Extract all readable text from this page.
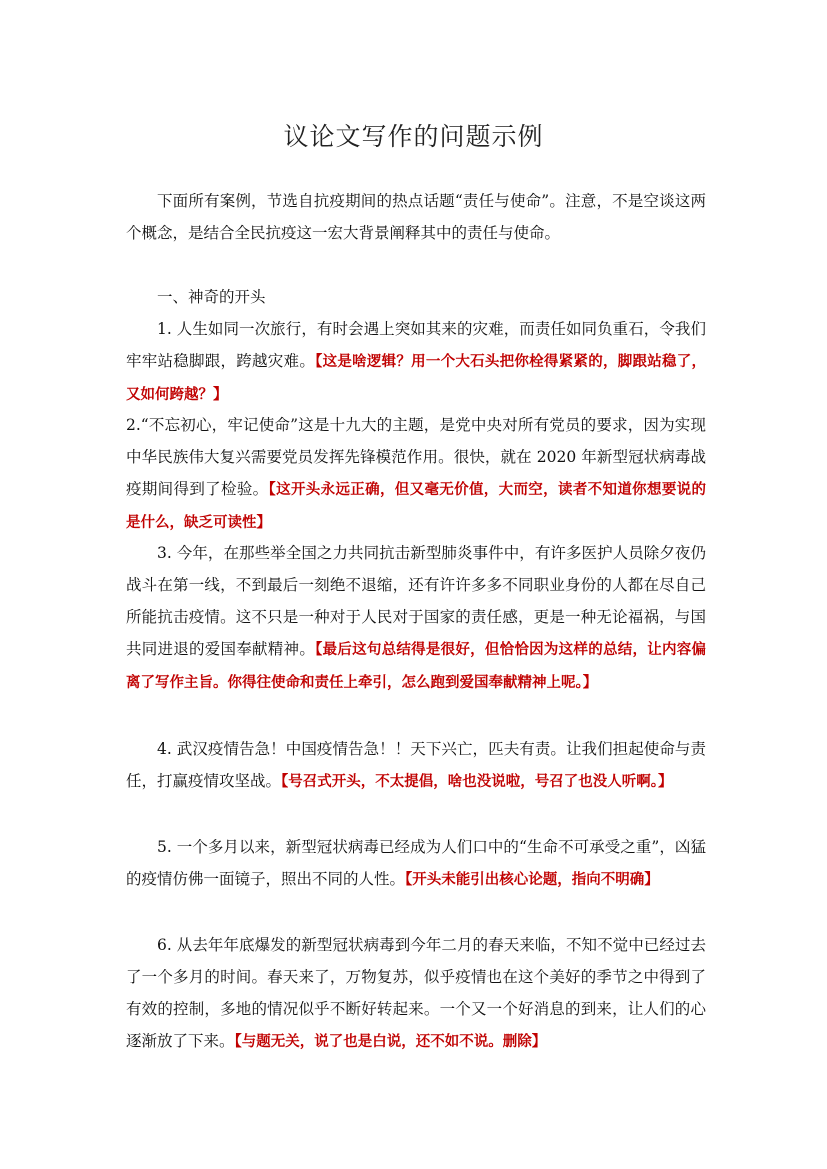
议论文写作的问题示例

下面所有案例，节选自抗疫期间的热点话题“责任与使命”。注意，不是空谈这两个概念，是结合全民抗疫这一宏大背景阐释其中的责任与使命。

一、神奇的开头

1. 人生如同一次旅行，有时会遇上突如其来的灾难，而责任如同负重石，令我们牢牢站稳脚跟，跨越灾难。【这是啥逻辑？用一个大石头把你栓得紧紧的，脚跟站稳了，又如何跨越？】

2.“不忘初心，牢记使命”这是十九大的主题，是党中央对所有党员的要求，因为实现中华民族伟大复兴需要党员发挥先锋模范作用。很快，就在 2020 年新型冠状病毒战疫期间得到了检验。【这开头永远正确，但又毫无价值，大而空，读者不知道你想要说的是什么，缺乏可读性】

3. 今年，在那些举全国之力共同抗击新型肺炎事件中，有许多医护人员除夕夜仍战斗在第一线，不到最后一刻绝不退缩，还有许许多多不同职业身份的人都在尽自己所能抗击疫情。这不只是一种对于人民对于国家的责任感，更是一种无论福祸，与国共同进退的爱国奉献精神。【最后这句总结得是很好，但恰恰因为这样的总结，让内容偏离了写作主旨。你得往使命和责任上牵引，怎么跑到爱国奉献精神上呢。】

4. 武汉疫情告急！中国疫情告急！！天下兴亡，匹夫有责。让我们担起使命与责任，打赢疫情攻坚战。【号召式开头，不太提倡，啥也没说啦，号召了也没人听啊。】

5. 一个多月以来，新型冠状病毒已经成为人们口中的“生命不可承受之重”，凶猛的疫情仿佛一面镜子，照出不同的人性。【开头未能引出核心论题，指向不明确】

6. 从去年年底爆发的新型冠状病毒到今年二月的春天来临，不知不觉中已经过去了一个多月的时间。春天来了，万物复苏，似乎疫情也在这个美好的季节之中得到了有效的控制，多地的情况似乎不断好转起来。一个又一个好消息的到来，让人们的心逐渐放了下来。【与题无关，说了也是白说，还不如不说。删除】
